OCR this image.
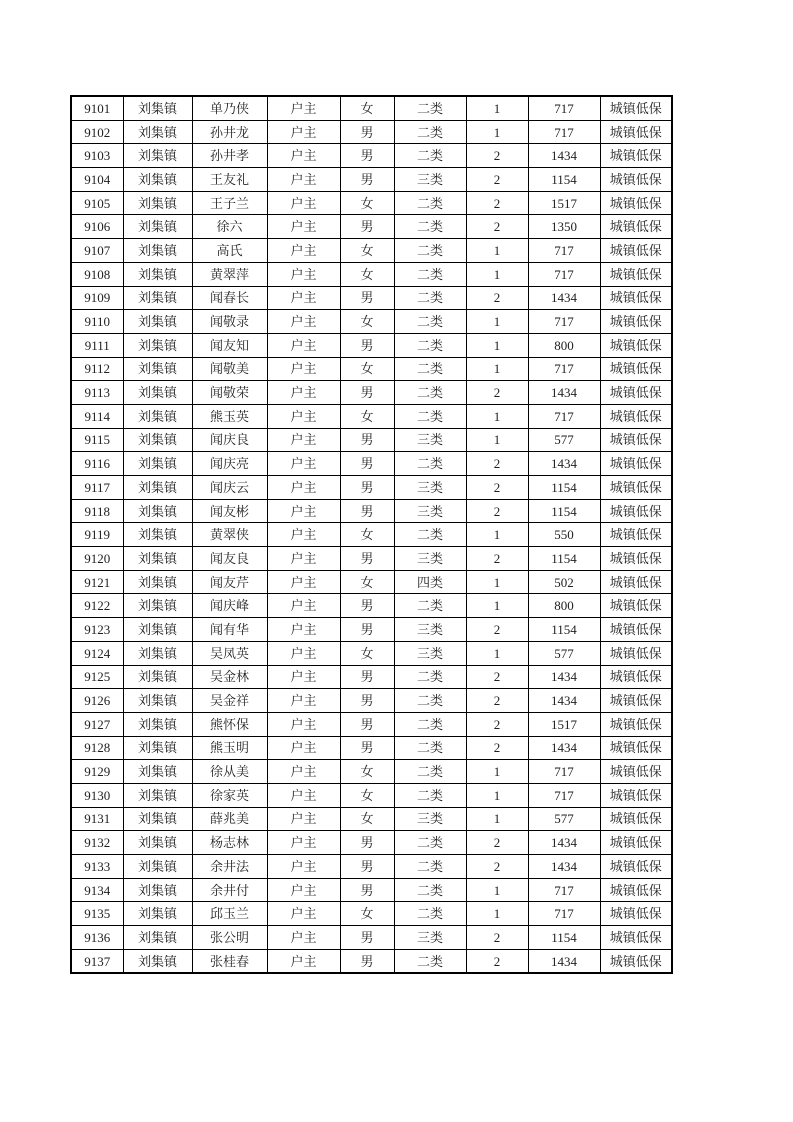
9101	刘集镇	单乃侠	户主	女	二类	1	717	城镇低保
9102	刘集镇	孙井龙	户主	男	二类	1	717	城镇低保
9103	刘集镇	孙井孝	户主	男	二类	2	1434	城镇低保
9104	刘集镇	王友礼	户主	男	三类	2	1154	城镇低保
9105	刘集镇	王子兰	户主	女	二类	2	1517	城镇低保
9106	刘集镇	徐六	户主	男	二类	2	1350	城镇低保
9107	刘集镇	高氏	户主	女	二类	1	717	城镇低保
9108	刘集镇	黄翠萍	户主	女	二类	1	717	城镇低保
9109	刘集镇	闻春长	户主	男	二类	2	1434	城镇低保
9110	刘集镇	闻敬录	户主	女	二类	1	717	城镇低保
9111	刘集镇	闻友知	户主	男	二类	1	800	城镇低保
9112	刘集镇	闻敬美	户主	女	二类	1	717	城镇低保
9113	刘集镇	闻敬荣	户主	男	二类	2	1434	城镇低保
9114	刘集镇	熊玉英	户主	女	二类	1	717	城镇低保
9115	刘集镇	闻庆良	户主	男	三类	1	577	城镇低保
9116	刘集镇	闻庆亮	户主	男	二类	2	1434	城镇低保
9117	刘集镇	闻庆云	户主	男	三类	2	1154	城镇低保
9118	刘集镇	闻友彬	户主	男	三类	2	1154	城镇低保
9119	刘集镇	黄翠侠	户主	女	二类	1	550	城镇低保
9120	刘集镇	闻友良	户主	男	三类	2	1154	城镇低保
9121	刘集镇	闻友芹	户主	女	四类	1	502	城镇低保
9122	刘集镇	闻庆峰	户主	男	二类	1	800	城镇低保
9123	刘集镇	闻有华	户主	男	三类	2	1154	城镇低保
9124	刘集镇	吴凤英	户主	女	三类	1	577	城镇低保
9125	刘集镇	吴金林	户主	男	二类	2	1434	城镇低保
9126	刘集镇	吴金祥	户主	男	二类	2	1434	城镇低保
9127	刘集镇	熊怀保	户主	男	二类	2	1517	城镇低保
9128	刘集镇	熊玉明	户主	男	二类	2	1434	城镇低保
9129	刘集镇	徐从美	户主	女	二类	1	717	城镇低保
9130	刘集镇	徐家英	户主	女	二类	1	717	城镇低保
9131	刘集镇	薛兆美	户主	女	三类	1	577	城镇低保
9132	刘集镇	杨志林	户主	男	二类	2	1434	城镇低保
9133	刘集镇	余井法	户主	男	二类	2	1434	城镇低保
9134	刘集镇	余井付	户主	男	二类	1	717	城镇低保
9135	刘集镇	邱玉兰	户主	女	二类	1	717	城镇低保
9136	刘集镇	张公明	户主	男	三类	2	1154	城镇低保
9137	刘集镇	张桂春	户主	男	二类	2	1434	城镇低保
